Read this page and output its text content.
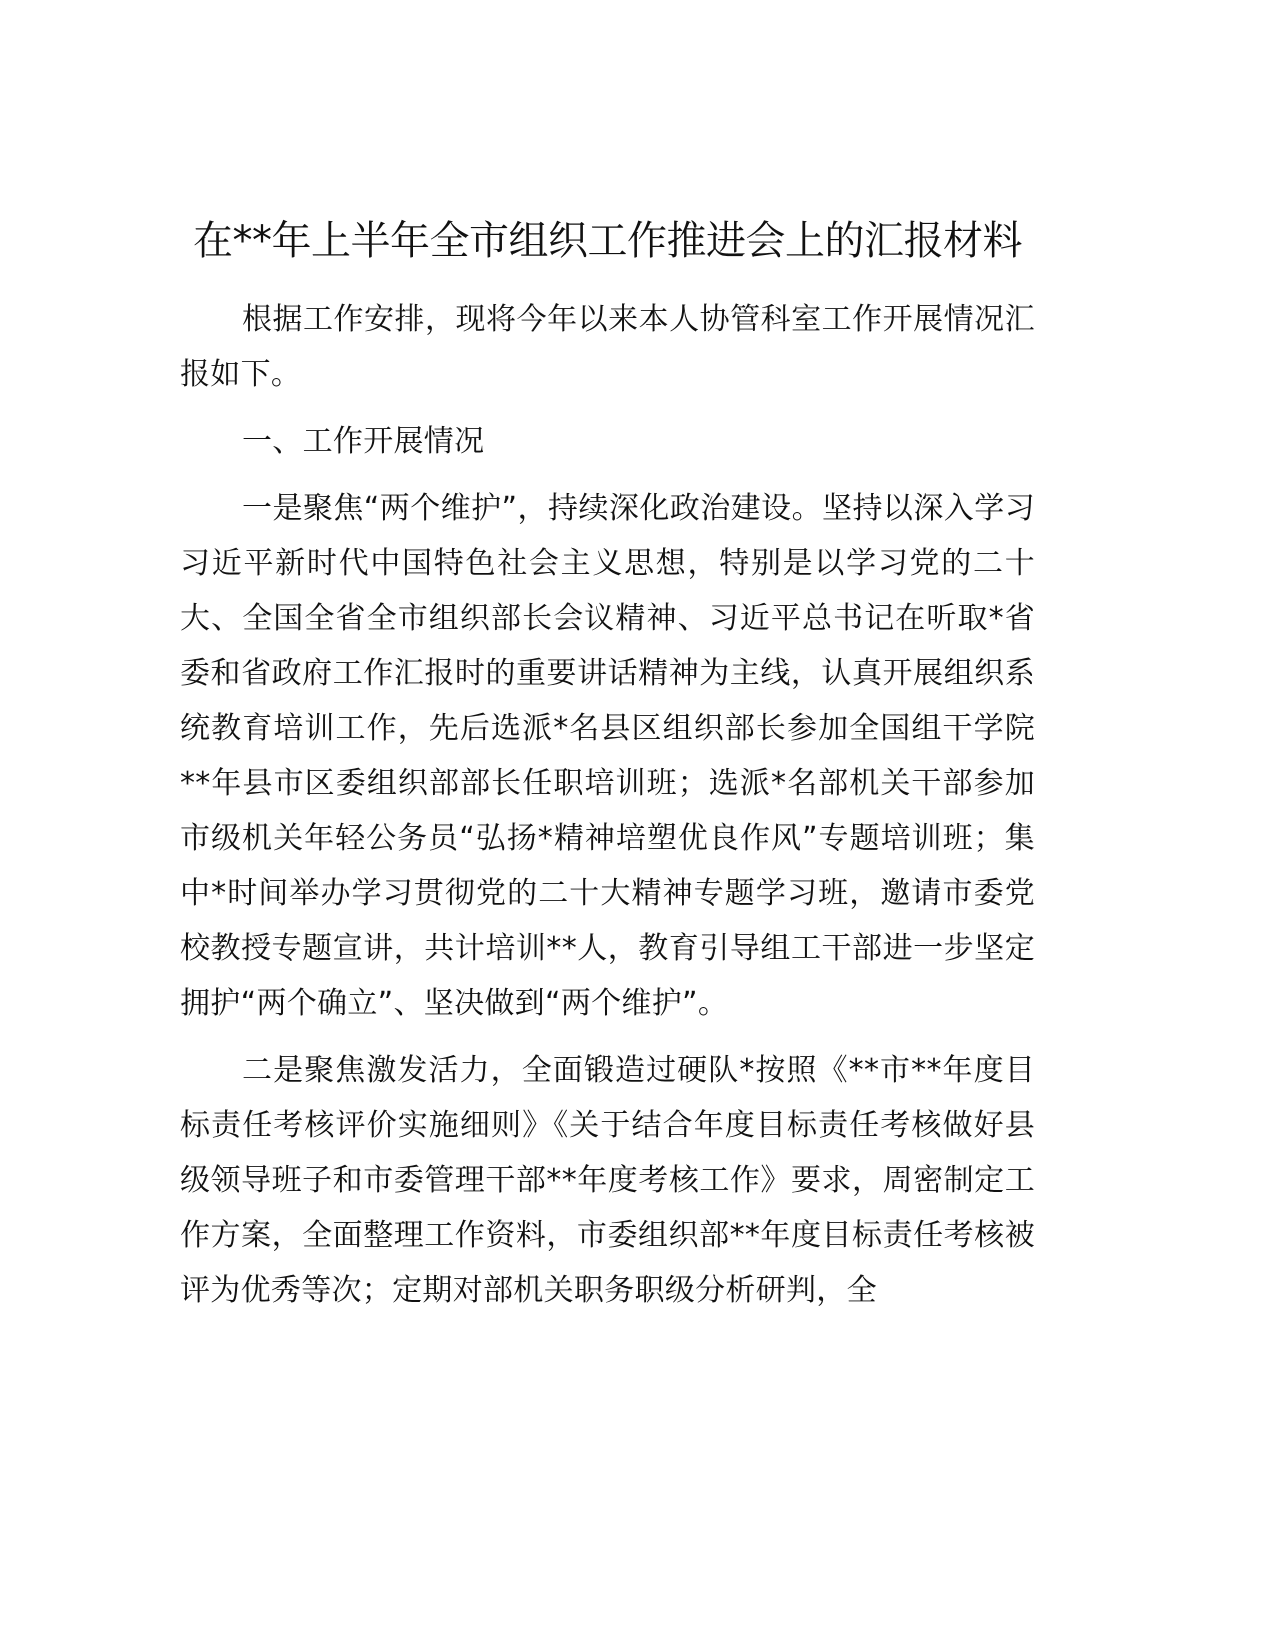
在**年上半年全市组织工作推进会上的汇报材料

根据工作安排，现将今年以来本人协管科室工作开展情况汇报如下。

一、工作开展情况

一是聚焦“两个维护”，持续深化政治建设。坚持以深入学习习近平新时代中国特色社会主义思想，特别是以学习党的二十大、全国全省全市组织部长会议精神、习近平总书记在听取*省委和省政府工作汇报时的重要讲话精神为主线，认真开展组织系统教育培训工作，先后选派*名县区组织部长参加全国组干学院**年县市区委组织部部长任职培训班；选派*名部机关干部参加市级机关年轻公务员“弘扬*精神培塑优良作风”专题培训班；集中*时间举办学习贯彻党的二十大精神专题学习班，邀请市委党校教授专题宣讲，共计培训**人，教育引导组工干部进一步坚定拥护“两个确立”、坚决做到“两个维护”。

二是聚焦激发活力，全面锻造过硬队*按照《**市**年度目标责任考核评价实施细则》《关于结合年度目标责任考核做好县级领导班子和市委管理干部**年度考核工作》要求，周密制定工作方案，全面整理工作资料，市委组织部**年度目标责任考核被评为优秀等次；定期对部机关职务职级分析研判，全
